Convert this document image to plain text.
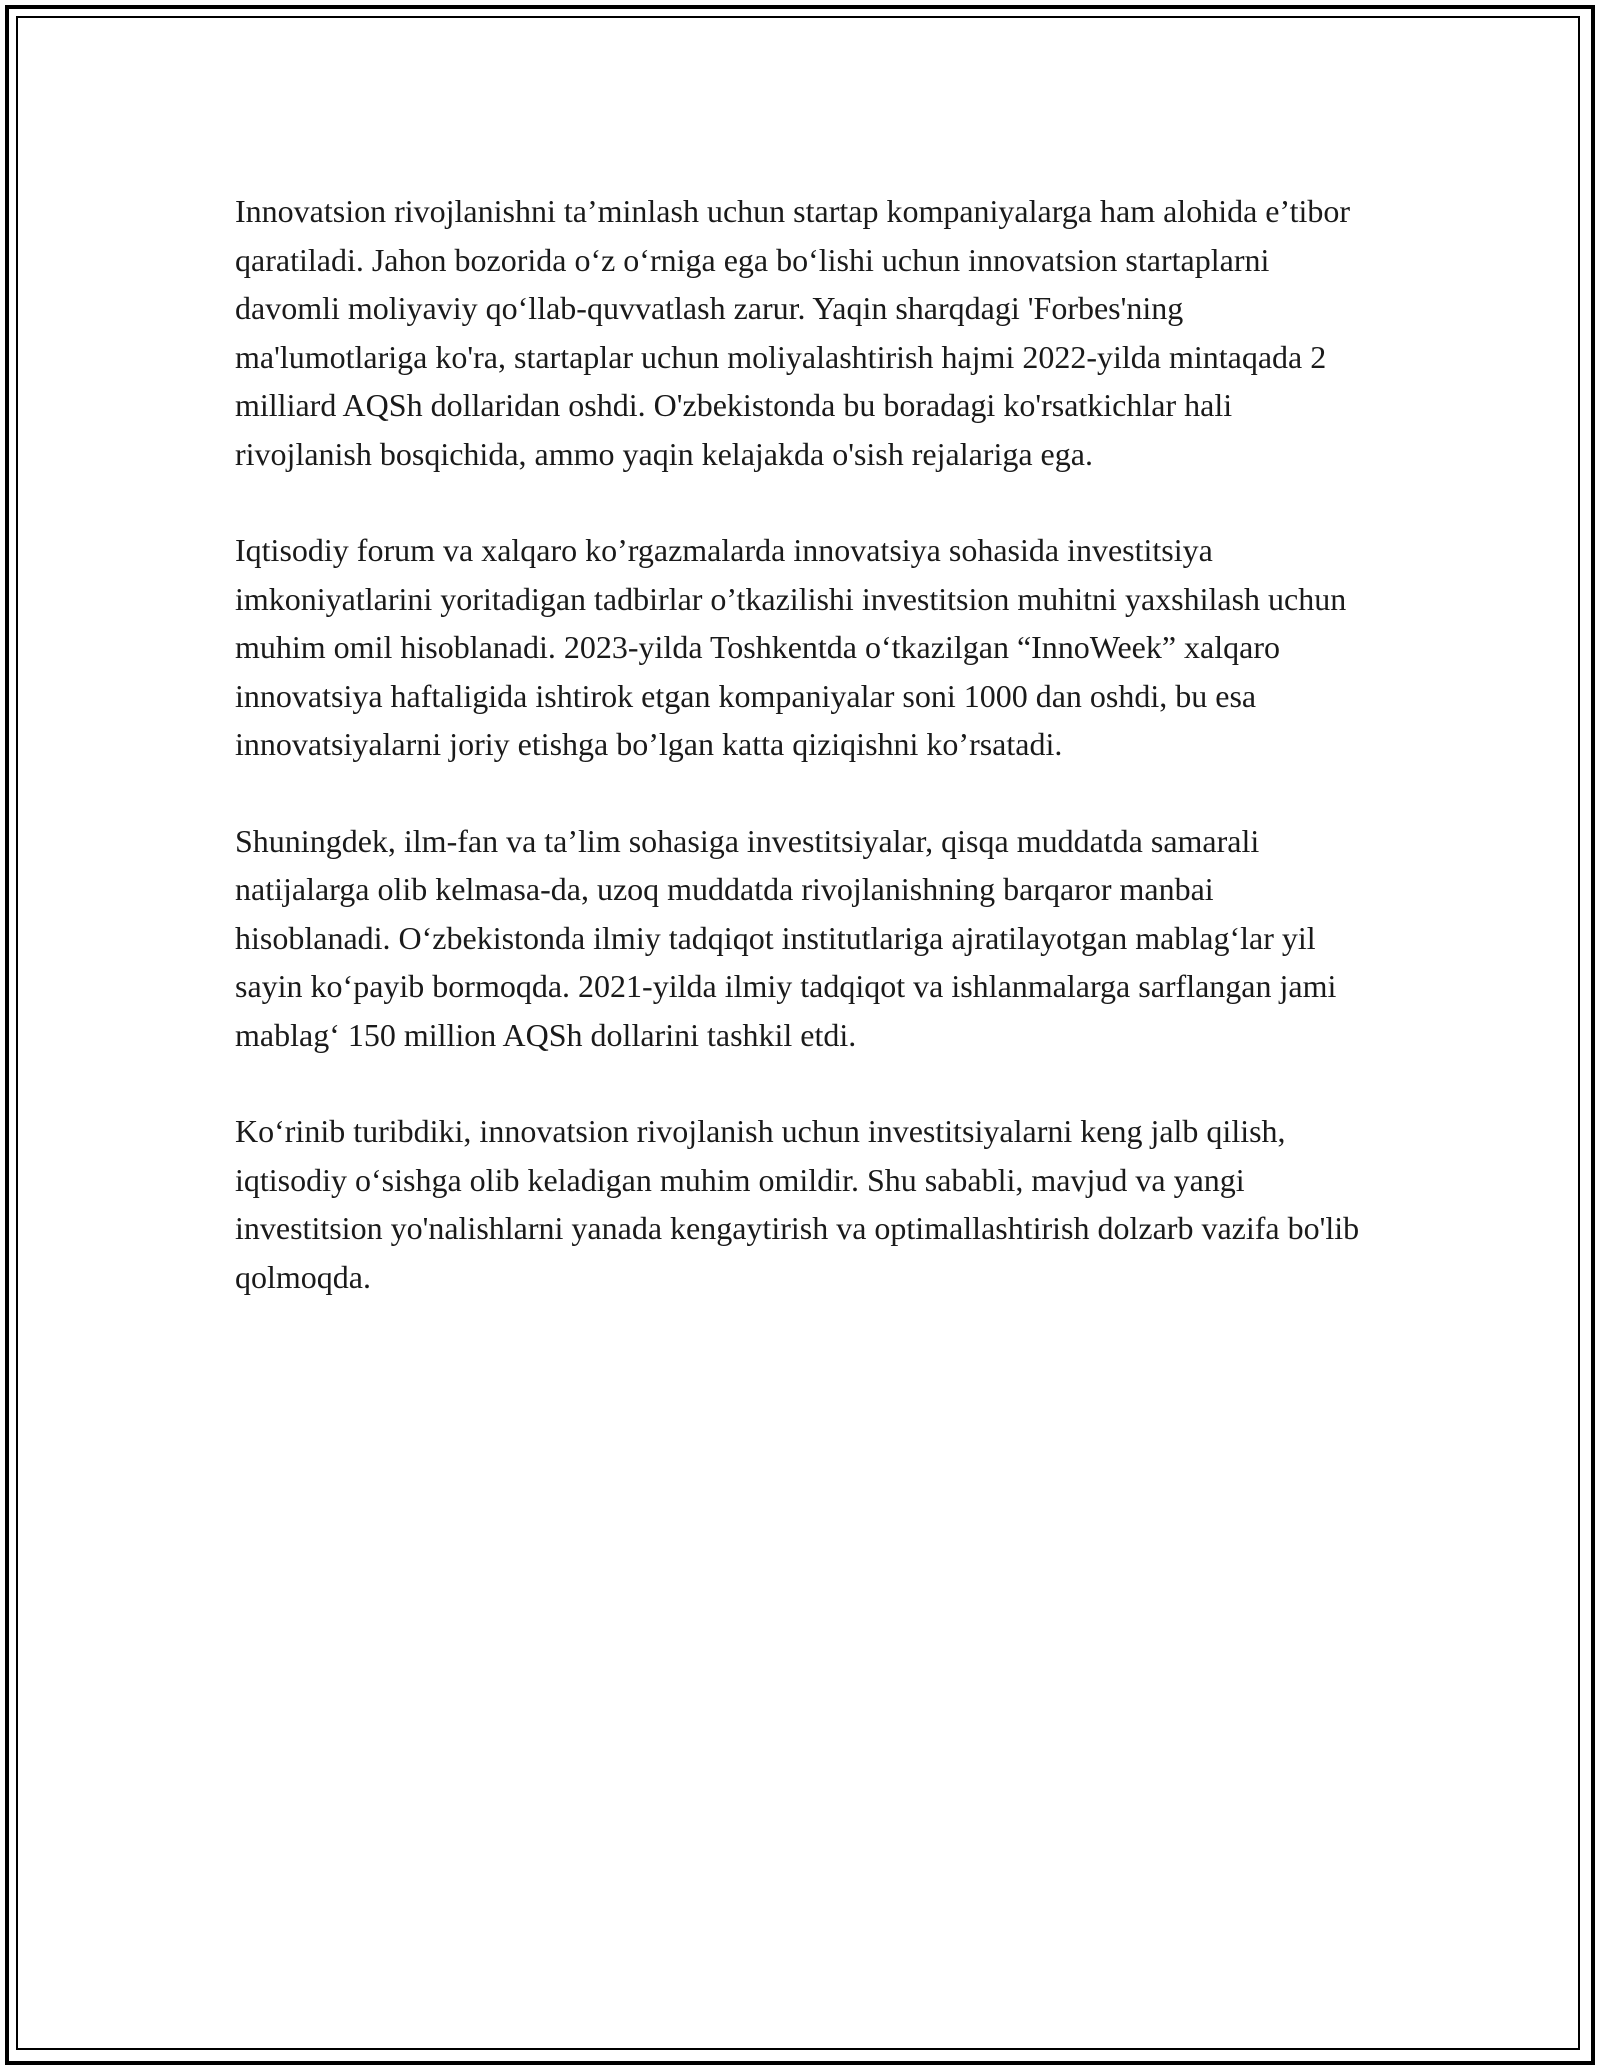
Innovatsion rivojlanishni ta’minlash uchun startap kompaniyalarga ham alohida e’tibor qaratiladi. Jahon bozorida o‘z o‘rniga ega bo‘lishi uchun innovatsion startaplarni davomli moliyaviy qo‘llab-quvvatlash zarur. Yaqin sharqdagi 'Forbes'ning ma'lumotlariga ko'ra, startaplar uchun moliyalashtirish hajmi 2022-yilda mintaqada 2 milliard AQSh dollaridan oshdi. O'zbekistonda bu boradagi ko'rsatkichlar hali rivojlanish bosqichida, ammo yaqin kelajakda o'sish rejalariga ega.

Iqtisodiy forum va xalqaro ko’rgazmalarda innovatsiya sohasida investitsiya imkoniyatlarini yoritadigan tadbirlar o’tkazilishi investitsion muhitni yaxshilash uchun muhim omil hisoblanadi. 2023-yilda Toshkentda o‘tkazilgan “InnoWeek” xalqaro innovatsiya haftaligida ishtirok etgan kompaniyalar soni 1000 dan oshdi, bu esa innovatsiyalarni joriy etishga bo’lgan katta qiziqishni ko’rsatadi.

Shuningdek, ilm-fan va ta’lim sohasiga investitsiyalar, qisqa muddatda samarali natijalarga olib kelmasa-da, uzoq muddatda rivojlanishning barqaror manbai hisoblanadi. O‘zbekistonda ilmiy tadqiqot institutlariga ajratilayotgan mablag‘lar yil sayin ko‘payib bormoqda. 2021-yilda ilmiy tadqiqot va ishlanmalarga sarflangan jami mablag‘ 150 million AQSh dollarini tashkil etdi.

Ko‘rinib turibdiki, innovatsion rivojlanish uchun investitsiyalarni keng jalb qilish, iqtisodiy o‘sishga olib keladigan muhim omildir. Shu sababli, mavjud va yangi investitsion yo'nalishlarni yanada kengaytirish va optimallashtirish dolzarb vazifa bo'lib qolmoqda.
